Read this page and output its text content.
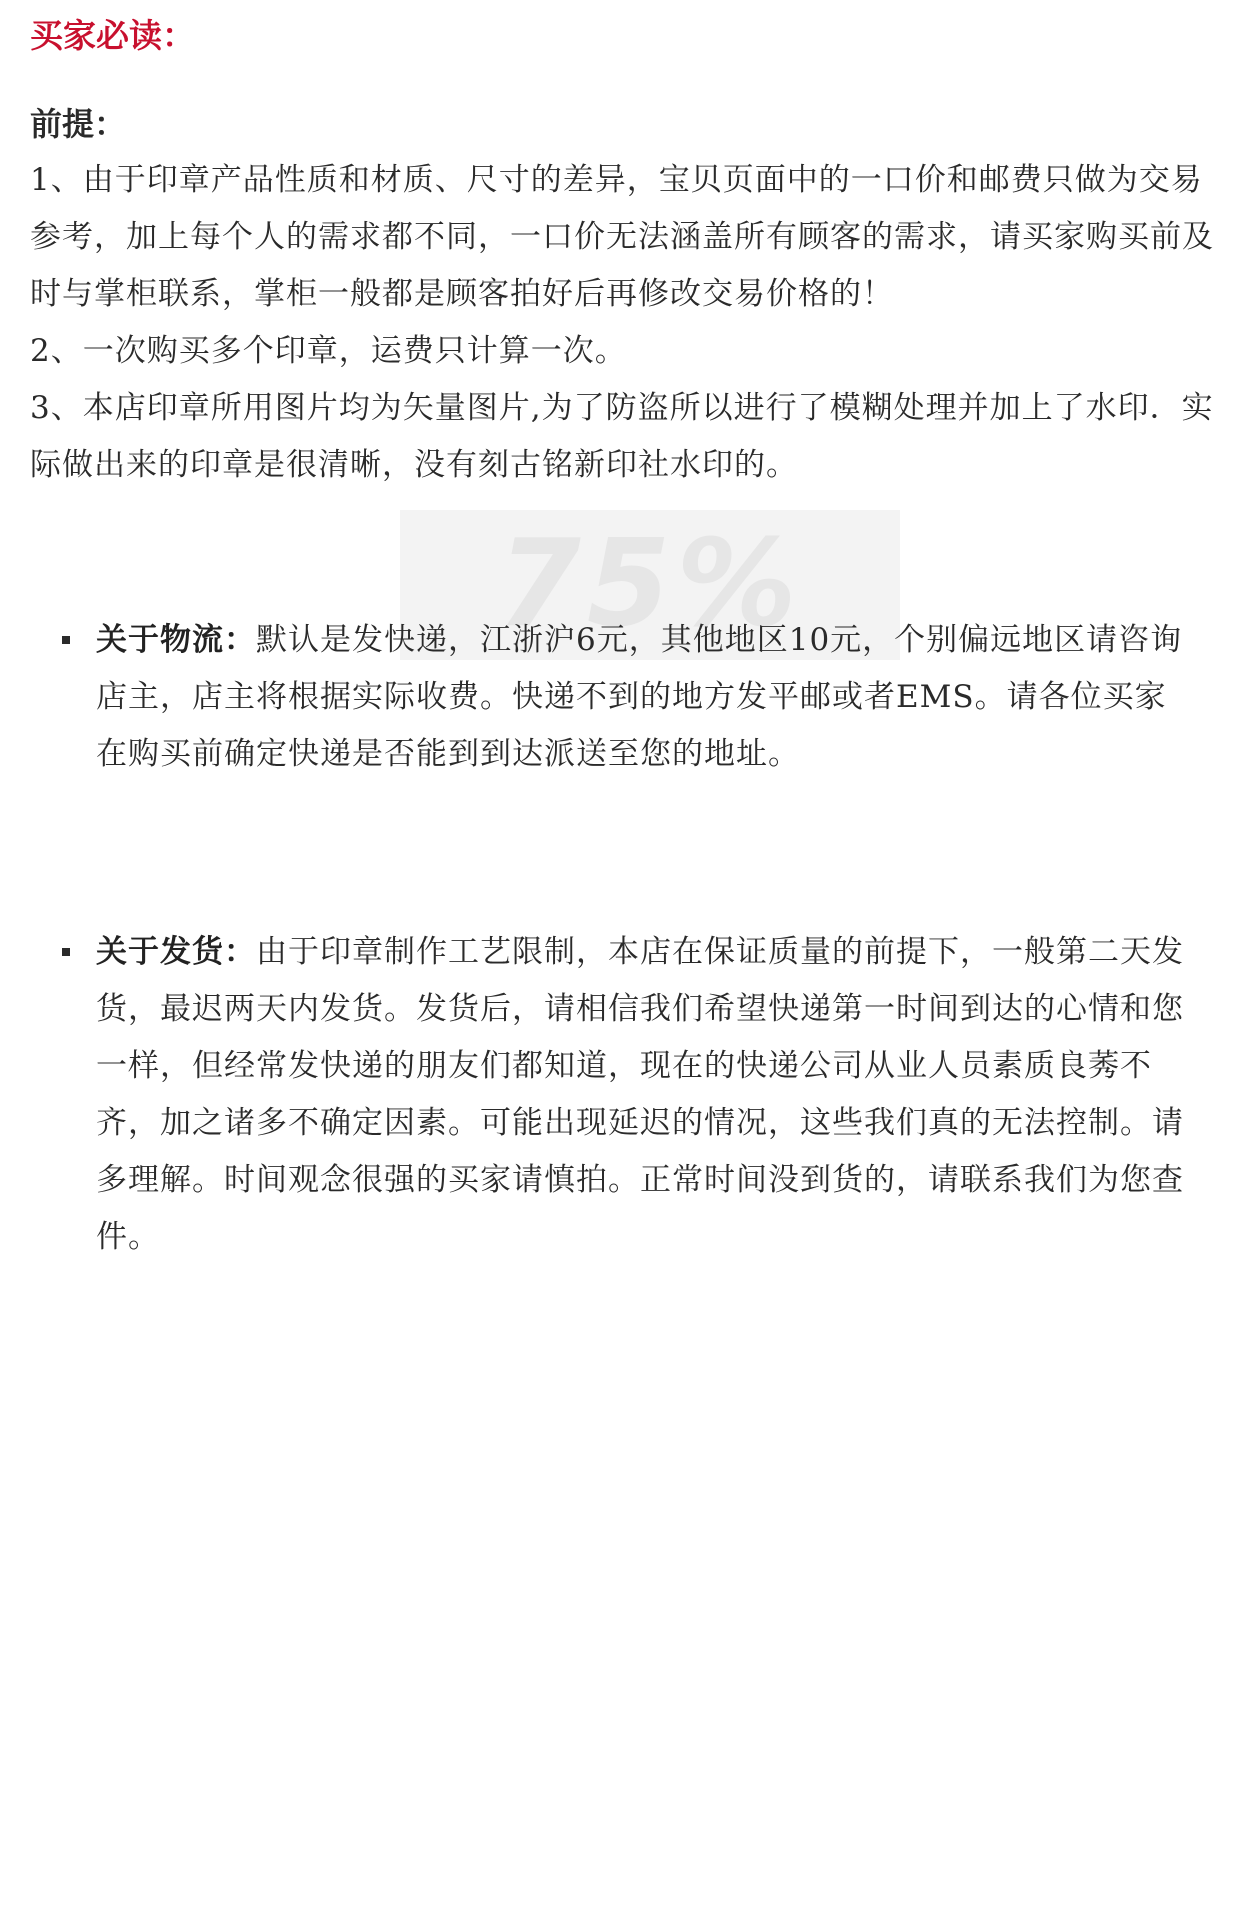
75%
买家必读：
前提：

1、由于印章产品性质和材质、尺寸的差异，宝贝页面中的一口价和邮费只做为交易参考，加上每个人的需求都不同，一口价无法涵盖所有顾客的需求，请买家购买前及时与掌柜联系，掌柜一般都是顾客拍好后再修改交易价格的！

2、一次购买多个印章，运费只计算一次。

3、本店印章所用图片均为矢量图片,为了防盗所以进行了模糊处理并加上了水印．实际做出来的印章是很清晰，没有刻古铭新印社水印的。

关于物流：默认是发快递，江浙沪6元，其他地区10元，个别偏远地区请咨询店主，店主将根据实际收费。快递不到的地方发平邮或者EMS。请各位买家在购买前确定快递是否能到到达派送至您的地址。
关于发货：由于印章制作工艺限制，本店在保证质量的前提下，一般第二天发货，最迟两天内发货。发货后，请相信我们希望快递第一时间到达的心情和您一样，但经常发快递的朋友们都知道，现在的快递公司从业人员素质良莠不齐，加之诸多不确定因素。可能出现延迟的情况，这些我们真的无法控制。请多理解。时间观念很强的买家请慎拍。正常时间没到货的，请联系我们为您查件。
